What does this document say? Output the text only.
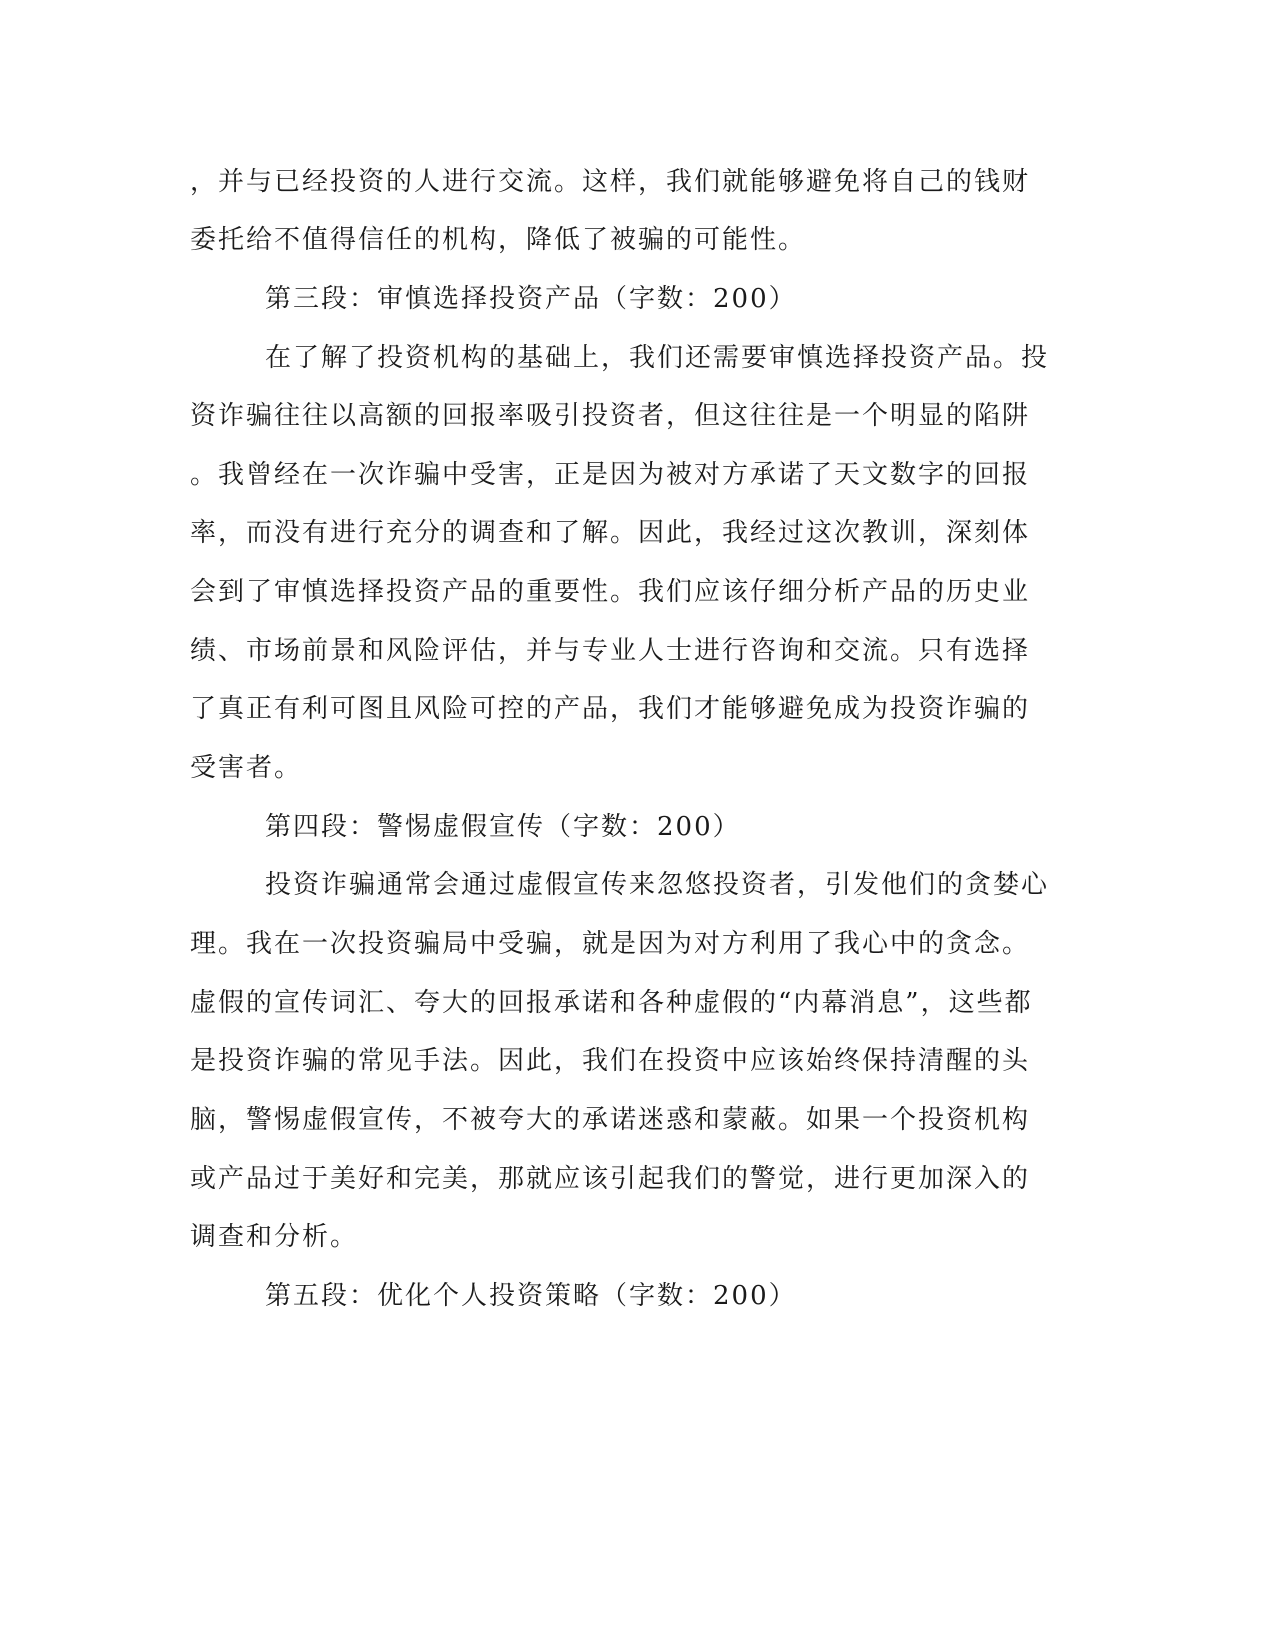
，并与已经投资的人进行交流。这样，我们就能够避免将自己的钱财
委托给不值得信任的机构，降低了被骗的可能性。
第三段：审慎选择投资产品（字数：200）
在了解了投资机构的基础上，我们还需要审慎选择投资产品。投
资诈骗往往以高额的回报率吸引投资者，但这往往是一个明显的陷阱
。我曾经在一次诈骗中受害，正是因为被对方承诺了天文数字的回报
率，而没有进行充分的调查和了解。因此，我经过这次教训，深刻体
会到了审慎选择投资产品的重要性。我们应该仔细分析产品的历史业
绩、市场前景和风险评估，并与专业人士进行咨询和交流。只有选择
了真正有利可图且风险可控的产品，我们才能够避免成为投资诈骗的
受害者。
第四段：警惕虚假宣传（字数：200）
投资诈骗通常会通过虚假宣传来忽悠投资者，引发他们的贪婪心
理。我在一次投资骗局中受骗，就是因为对方利用了我心中的贪念。
虚假的宣传词汇、夸大的回报承诺和各种虚假的“内幕消息”，这些都
是投资诈骗的常见手法。因此，我们在投资中应该始终保持清醒的头
脑，警惕虚假宣传，不被夸大的承诺迷惑和蒙蔽。如果一个投资机构
或产品过于美好和完美，那就应该引起我们的警觉，进行更加深入的
调查和分析。
第五段：优化个人投资策略（字数：200）
